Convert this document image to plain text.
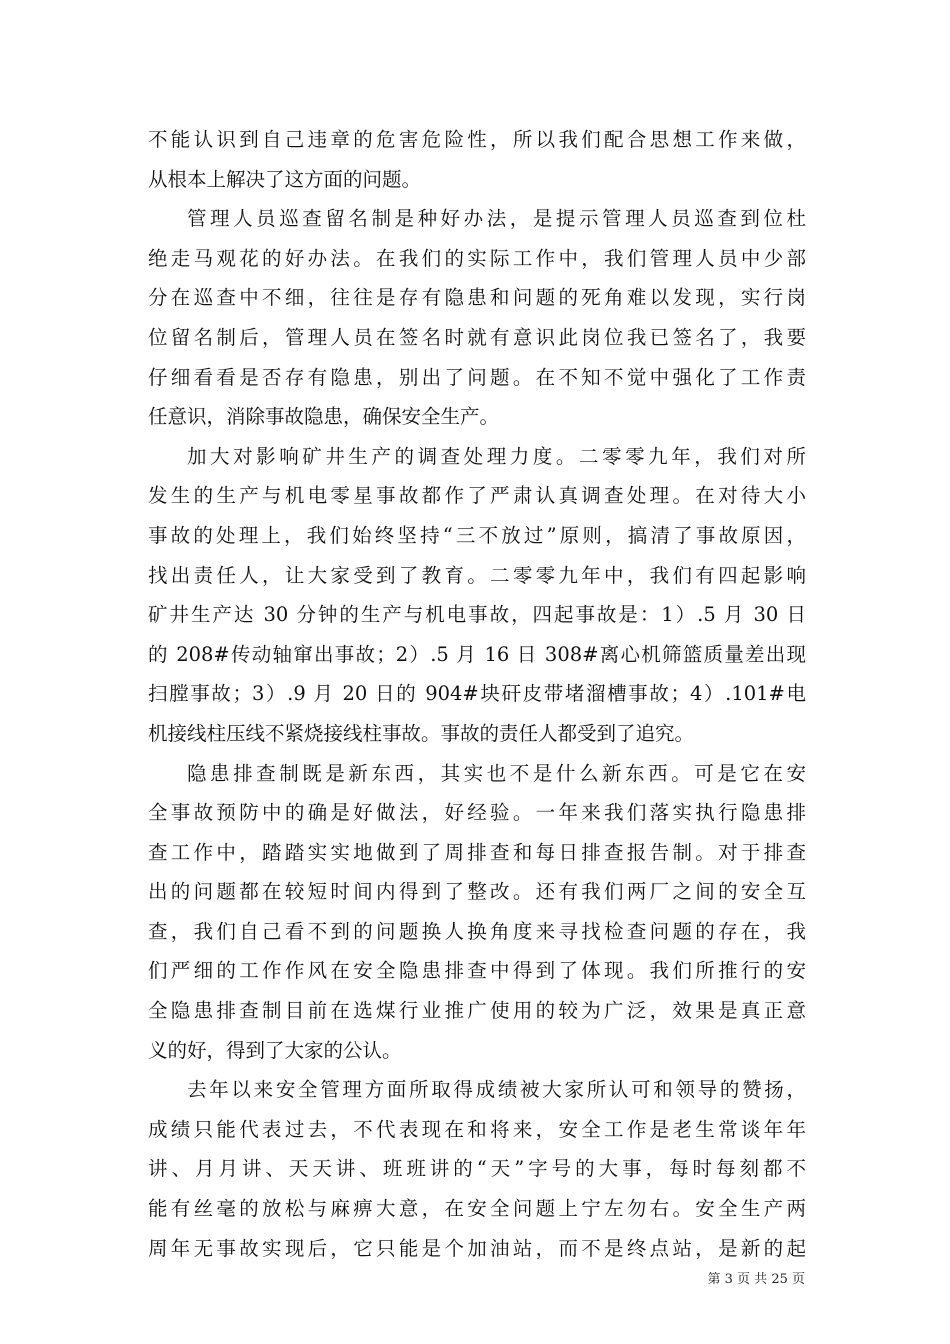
不能认识到自己违章的危害危险性，所以我们配合思想工作来做，
从根本上解决了这方面的问题。
管理人员巡查留名制是种好办法，是提示管理人员巡查到位杜
绝走马观花的好办法。在我们的实际工作中，我们管理人员中少部
分在巡查中不细，往往是存有隐患和问题的死角难以发现，实行岗
位留名制后，管理人员在签名时就有意识此岗位我已签名了，我要
仔细看看是否存有隐患，别出了问题。在不知不觉中强化了工作责
任意识，消除事故隐患，确保安全生产。
加大对影响矿井生产的调查处理力度。二零零九年，我们对所
发生的生产与机电零星事故都作了严肃认真调查处理。在对待大小
事故的处理上，我们始终坚持“三不放过”原则，搞清了事故原因，
找出责任人，让大家受到了教育。二零零九年中，我们有四起影响
矿井生产达 30 分钟的生产与机电事故，四起事故是：1）.5 月 30 日
的 208#传动轴窜出事故；2）.5 月 16 日 308#离心机筛篮质量差出现
扫膛事故；3）.9 月 20 日的 904#块矸皮带堵溜槽事故；4）.101#电
机接线柱压线不紧烧接线柱事故。事故的责任人都受到了追究。
隐患排查制既是新东西，其实也不是什么新东西。可是它在安
全事故预防中的确是好做法，好经验。一年来我们落实执行隐患排
查工作中，踏踏实实地做到了周排查和每日排查报告制。对于排查
出的问题都在较短时间内得到了整改。还有我们两厂之间的安全互
查，我们自己看不到的问题换人换角度来寻找检查问题的存在，我
们严细的工作作风在安全隐患排查中得到了体现。我们所推行的安
全隐患排查制目前在选煤行业推广使用的较为广泛，效果是真正意
义的好，得到了大家的公认。
去年以来安全管理方面所取得成绩被大家所认可和领导的赞扬，
成绩只能代表过去，不代表现在和将来，安全工作是老生常谈年年
讲、月月讲、天天讲、班班讲的“天”字号的大事，每时每刻都不
能有丝毫的放松与麻痹大意，在安全问题上宁左勿右。安全生产两
周年无事故实现后，它只能是个加油站，而不是终点站，是新的起
第 3 页 共 25 页
